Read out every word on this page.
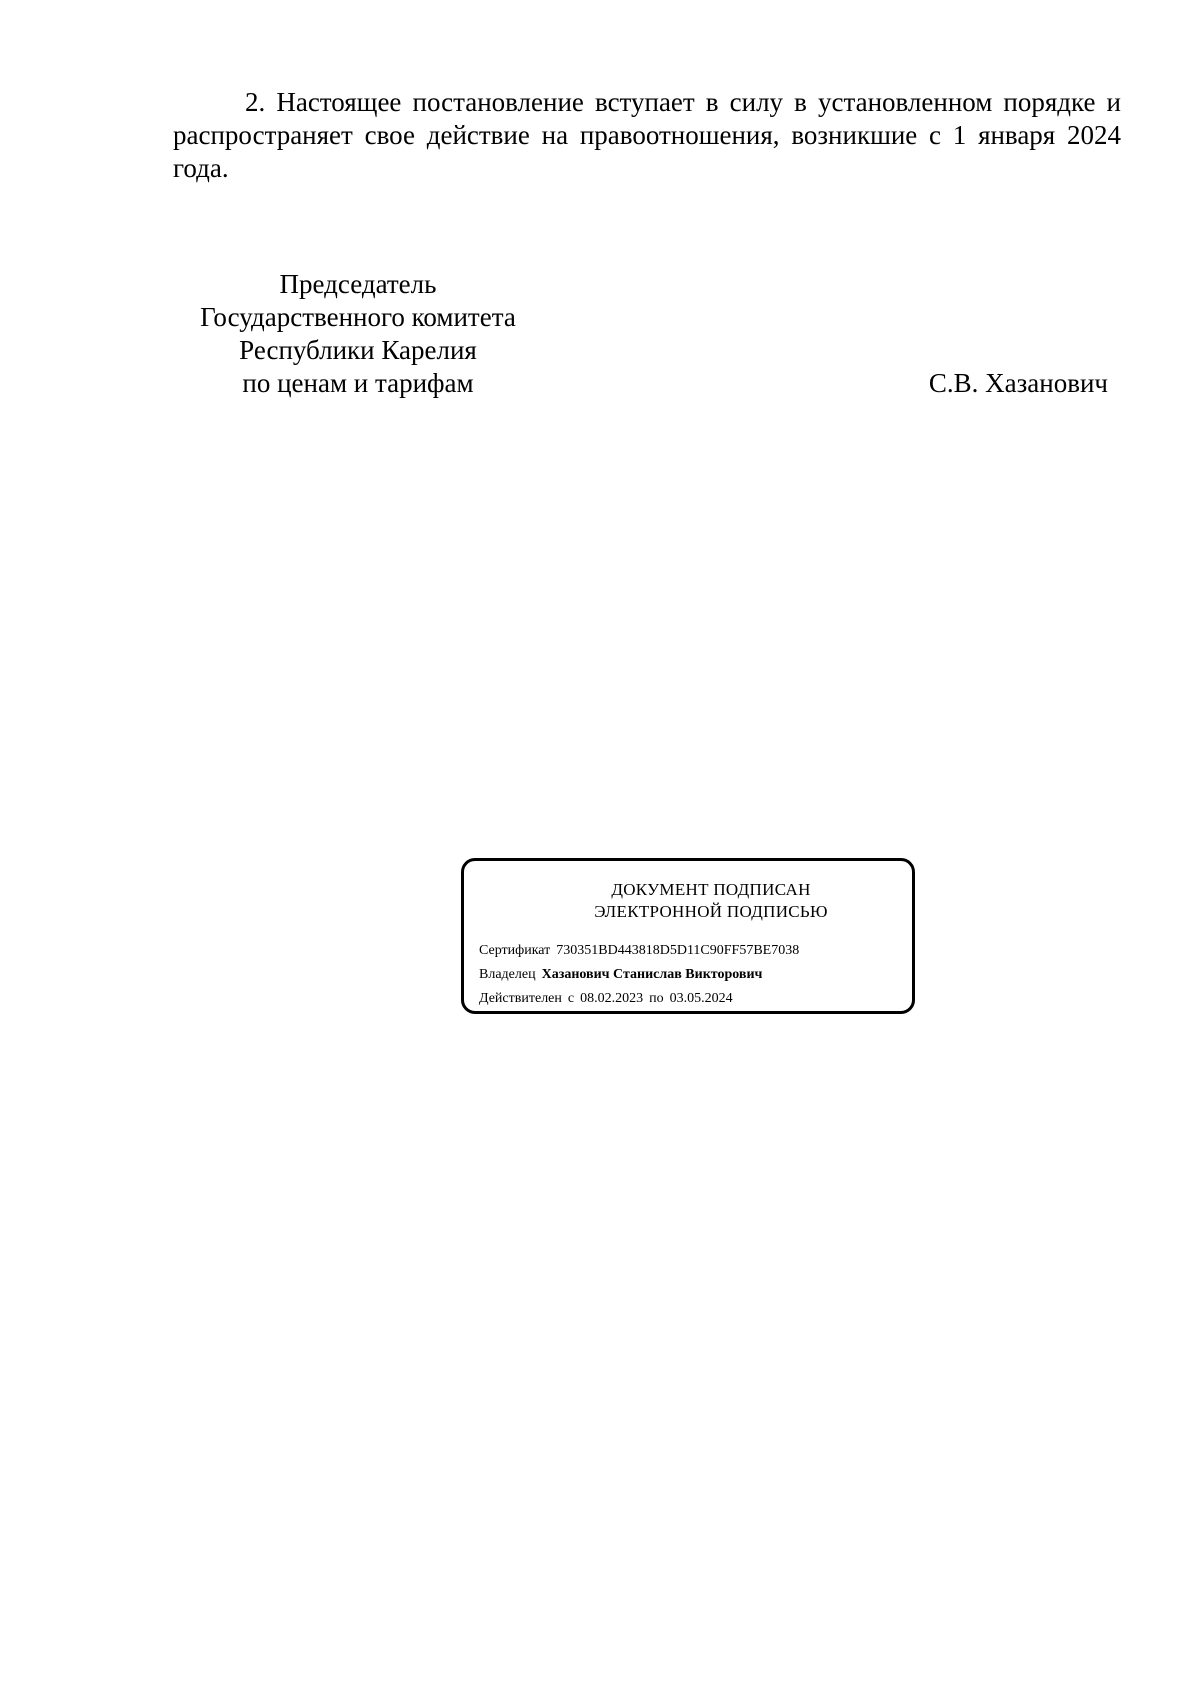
2. Настоящее постановление вступает в силу в установленном порядке и распространяет свое действие на правоотношения, возникшие с 1 января 2024 года.

Председатель
Государственного комитета
Республики Карелия
по ценам и тарифам	С.В. Хазанович
ДОКУМЕНТ ПОДПИСАН
ЭЛЕКТРОННОЙ ПОДПИСЬЮ
Сертификат 730351BD443818D5D11C90FF57BE7038
Владелец Хазанович Станислав Викторович
Действителен с 08.02.2023 по 03.05.2024
